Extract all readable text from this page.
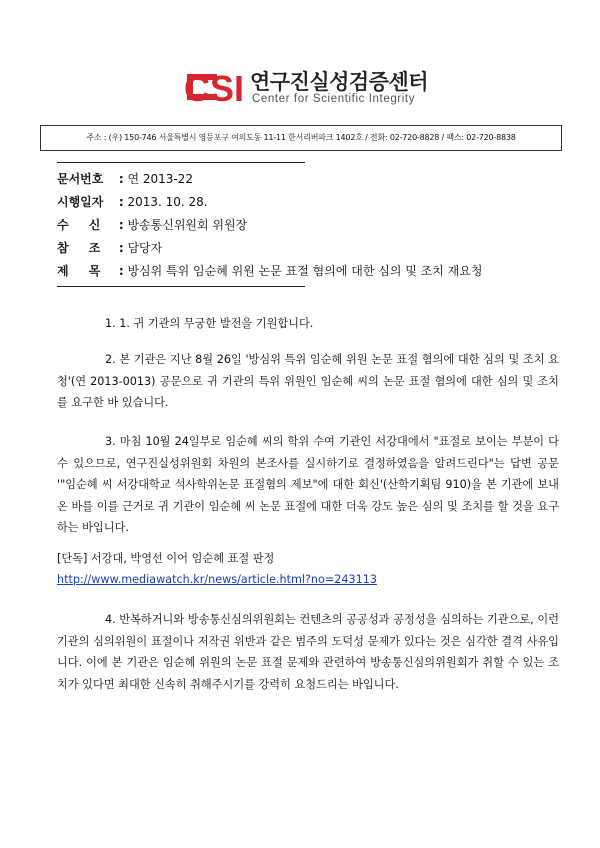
CSI 연구진실성검증센터
Center for Scientific Integrity
주소 : (우) 150-746 서울특별시 영등포구 여의도동 11-11 한서리버파크 1402호 / 전화: 02-720-8828 / 팩스: 02-720-8838
문서번호 : 연 2013-22
시행일자 : 2013. 10. 28.
수 신 : 방송통신위원회 위원장
참 조 : 담당자
제 목 : 방심위 특위 임순혜 위원 논문 표절 혐의에 대한 심의 및 조치 재요청
1. 1. 귀 기관의 무궁한 발전을 기원합니다.
2. 본 기관은 지난 8월 26일 '방심위 특위 임순혜 위원 논문 표절 혐의에 대한 심의 및 조치 요청'(연 2013-0013) 공문으로 귀 기관의 특위 위원인 임순혜 씨의 논문 표절 혐의에 대한 심의 및 조치를 요구한 바 있습니다.
3. 마침 10월 24일부로 임순혜 씨의 학위 수여 기관인 서강대에서 "표절로 보이는 부분이 다수 있으므로, 연구진실성위원회 차원의 본조사를 실시하기로 결정하였음을 알려드린다"는 답변 공문 '"임순혜 씨 서강대학교 석사학위논문 표절혐의 제보"에 대한 회신'(산학기획팀 910)을 본 기관에 보내온 바를 이를 근거로 귀 기관이 임순혜 씨 논문 표절에 대한 더욱 강도 높은 심의 및 조치를 할 것을 요구하는 바입니다.
[단독] 서강대, 박영선 이어 임순혜 표절 판정
http://www.mediawatch.kr/news/article.html?no=243113
4. 반복하거니와 방송통신심의위원회는 컨텐츠의 공공성과 공정성을 심의하는 기관으로, 이런 기관의 심의위원이 표절이나 저작권 위반과 같은 범주의 도덕성 문제가 있다는 것은 심각한 결격 사유입니다. 이에 본 기관은 임순혜 위원의 논문 표절 문제와 관련하여 방송통신심의위원회가 취할 수 있는 조치가 있다면 최대한 신속히 취해주시기를 강력히 요청드리는 바입니다.
